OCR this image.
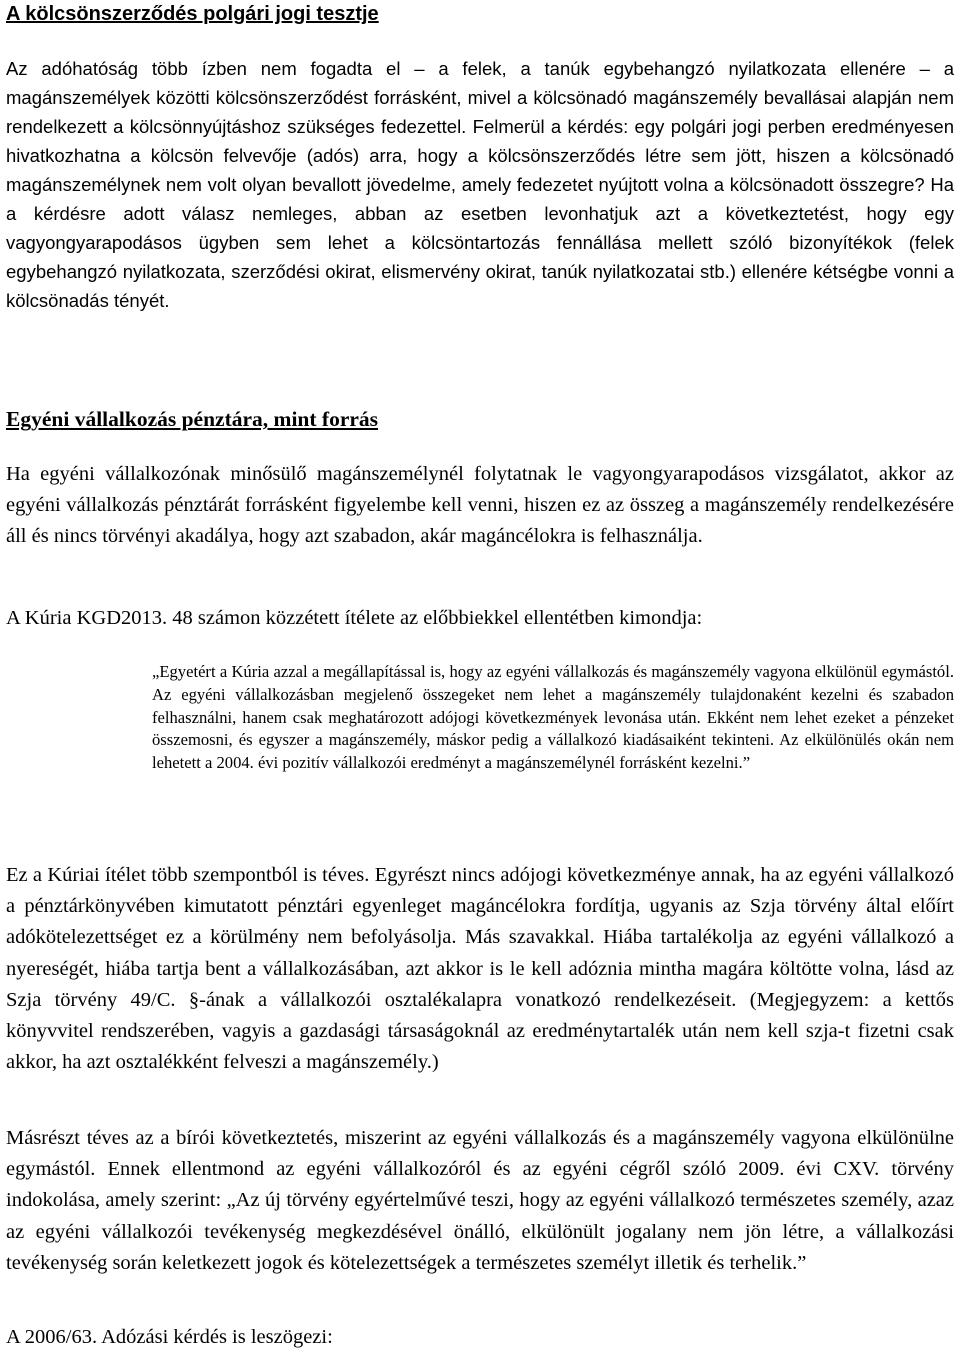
A kölcsönszerződés polgári jogi tesztje

Az adóhatóság több ízben nem fogadta el – a felek, a tanúk egybehangzó nyilatkozata ellenére – a magánszemélyek közötti kölcsönszerződést forrásként, mivel a kölcsönadó magánszemély bevallásai alapján nem rendelkezett a kölcsönnyújtáshoz szükséges fedezettel. Felmerül a kérdés: egy polgári jogi perben eredményesen hivatkozhatna a kölcsön felvevője (adós) arra, hogy a kölcsönszerződés létre sem jött, hiszen a kölcsönadó magánszemélynek nem volt olyan bevallott jövedelme, amely fedezetet nyújtott volna a kölcsönadott összegre? Ha a kérdésre adott válasz nemleges, abban az esetben levonhatjuk azt a következtetést, hogy egy vagyongyarapodásos ügyben sem lehet a kölcsöntartozás fennállása mellett szóló bizonyítékok (felek egybehangzó nyilatkozata, szerződési okirat, elismervény okirat, tanúk nyilatkozatai stb.) ellenére kétségbe vonni a kölcsönadás tényét.

Egyéni vállalkozás pénztára, mint forrás

Ha egyéni vállalkozónak minősülő magánszemélynél folytatnak le vagyongyarapodásos vizsgálatot, akkor az egyéni vállalkozás pénztárát forrásként figyelembe kell venni, hiszen ez az összeg a magánszemély rendelkezésére áll és nincs törvényi akadálya, hogy azt szabadon, akár magáncélokra is felhasználja.

A Kúria KGD2013. 48 számon közzétett ítélete az előbbiekkel ellentétben kimondja:

„Egyetért a Kúria azzal a megállapítással is, hogy az egyéni vállalkozás és magánszemély vagyona elkülönül egymástól. Az egyéni vállalkozásban megjelenő összegeket nem lehet a magánszemély tulajdonaként kezelni és szabadon felhasználni, hanem csak meghatározott adójogi következmények levonása után. Ekként nem lehet ezeket a pénzeket összemosni, és egyszer a magánszemély, máskor pedig a vállalkozó kiadásaiként tekinteni. Az elkülönülés okán nem lehetett a 2004. évi pozitív vállalkozói eredményt a magánszemélynél forrásként kezelni.”

Ez a Kúriai ítélet több szempontból is téves. Egyrészt nincs adójogi következménye annak, ha az egyéni vállalkozó a pénztárkönyvében kimutatott pénztári egyenleget magáncélokra fordítja, ugyanis az Szja törvény által előírt adókötelezettséget ez a körülmény nem befolyásolja. Más szavakkal. Hiába tartalékolja az egyéni vállalkozó a nyereségét, hiába tartja bent a vállalkozásában, azt akkor is le kell adóznia mintha magára költötte volna, lásd az Szja törvény 49/C. §-ának a vállalkozói osztalékalapra vonatkozó rendelkezéseit. (Megjegyzem: a kettős könyvvitel rendszerében, vagyis a gazdasági társaságoknál az eredménytartalék után nem kell szja-t fizetni csak akkor, ha azt osztalékként felveszi a magánszemély.)

Másrészt téves az a bírói következtetés, miszerint az egyéni vállalkozás és a magánszemély vagyona elkülönülne egymástól. Ennek ellentmond az egyéni vállalkozóról és az egyéni cégről szóló 2009. évi CXV. törvény indokolása, amely szerint: „Az új törvény egyértelművé teszi, hogy az egyéni vállalkozó természetes személy, azaz az egyéni vállalkozói tevékenység megkezdésével önálló, elkülönült jogalany nem jön létre, a vállalkozási tevékenység során keletkezett jogok és kötelezettségek a természetes személyt illetik és terhelik.”

A 2006/63. Adózási kérdés is leszögezi:
